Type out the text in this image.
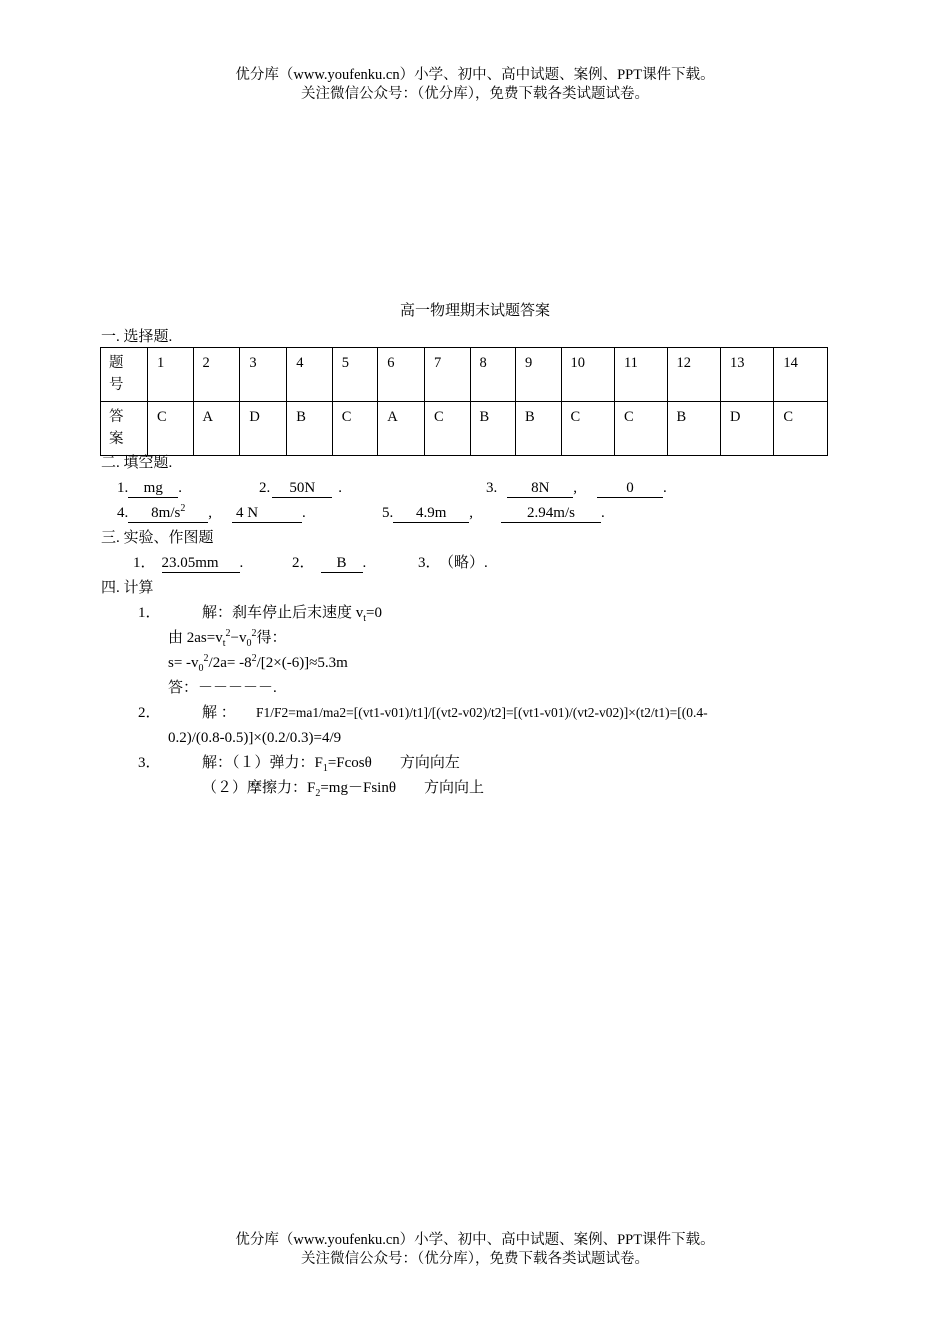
优分库（www.youfenku.cn）小学、初中、高中试题、案例、PPT课件下载。
关注微信公众号：（优分库），免费下载各类试题试卷。
高一物理期末试题答案
一. 选择题.
题
号	1	2	3	4	5	6	7	8	9	10	11	12	13	14
答
案	C	A	D	B	C	A	C	B	B	C	C	B	D	C
二. 填空题.
1. mg .	2. 50N .	3. 8N ,	0 .
4. $8m/s^2$ , 4 N	.	5. 4.9m ,	2.94m/s .
三. 实验、作图题
1． 23.05mm .	2． B .	3． （略）.
四. 计算
1．	解：刹车停止后末速度 $v_t=0$
由 $2as=v_t^2-v_0^2$得：
$s= -v_0^2/2a= -8^2/[2\times(-6)]\approx 5.3m$
答：－－－－－.
2．	解 ： F1/F2=ma1/ma2=[(vt1-v01)/t1]/[(vt2-v02)/t2]=[(vt1-v01)/(vt2-v02)]×(t2/t1)=[(0.4-
0.2)/(0.8-0.5)]×(0.2/0.3)=4/9
3．	解：（１）弹力：$F_1=Fcos\theta$ 方向向左
（２）摩擦力：$F_2=mg-Fsin\theta$ 方向向上
优分库（www.youfenku.cn）小学、初中、高中试题、案例、PPT课件下载。
关注微信公众号：（优分库），免费下载各类试题试卷。
